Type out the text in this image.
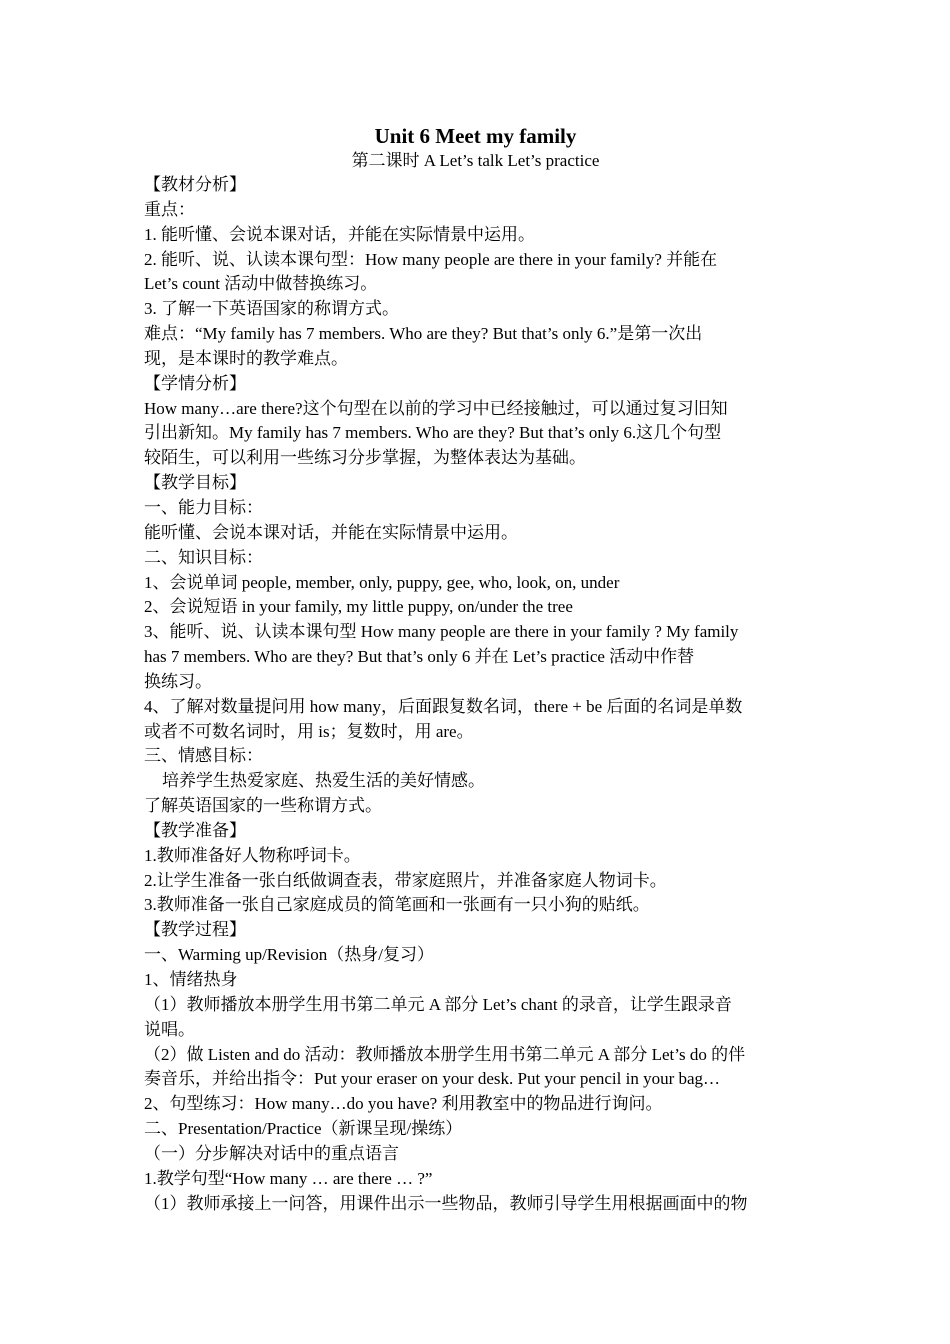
Unit 6 Meet my family

第二课时 A Let’s talk Let’s practice

【教材分析】

重点：

1. 能听懂、会说本课对话，并能在实际情景中运用。

2. 能听、说、认读本课句型：How many people are there in your family? 并能在

Let’s count 活动中做替换练习。

3. 了解一下英语国家的称谓方式。

难点：“My family has 7 members. Who are they? But that’s only 6.”是第一次出

现，是本课时的教学难点。

【学情分析】

How many…are there?这个句型在以前的学习中已经接触过，可以通过复习旧知

引出新知。My family has 7 members. Who are they? But that’s only 6.这几个句型

较陌生，可以利用一些练习分步掌握，为整体表达为基础。

【教学目标】

一、能力目标：

能听懂、会说本课对话，并能在实际情景中运用。

二、知识目标：

1、会说单词 people, member, only, puppy, gee, who, look, on, under

2、会说短语 in your family, my little puppy, on/under the tree

3、能听、说、认读本课句型 How many people are there in your family ? My family

has 7 members. Who are they? But that’s only 6 并在 Let’s practice 活动中作替

换练习。

4、了解对数量提问用 how many，后面跟复数名词，there + be 后面的名词是单数

或者不可数名词时，用 is；复数时，用 are。

三、情感目标：

培养学生热爱家庭、热爱生活的美好情感。

了解英语国家的一些称谓方式。

【教学准备】

1.教师准备好人物称呼词卡。

2.让学生准备一张白纸做调查表，带家庭照片，并准备家庭人物词卡。

3.教师准备一张自己家庭成员的简笔画和一张画有一只小狗的贴纸。

【教学过程】

一、Warming up/Revision（热身/复习）

1、情绪热身

（1）教师播放本册学生用书第二单元 A 部分 Let’s chant 的录音，让学生跟录音

说唱。

（2）做 Listen and do 活动：教师播放本册学生用书第二单元 A 部分 Let’s do 的伴

奏音乐，并给出指令：Put your eraser on your desk. Put your pencil in your bag…

2、句型练习：How many…do you have? 利用教室中的物品进行询问。

二、Presentation/Practice（新课呈现/操练）

（一）分步解决对话中的重点语言

1.教学句型“How many … are there … ?”

（1）教师承接上一问答，用课件出示一些物品，教师引导学生用根据画面中的物
